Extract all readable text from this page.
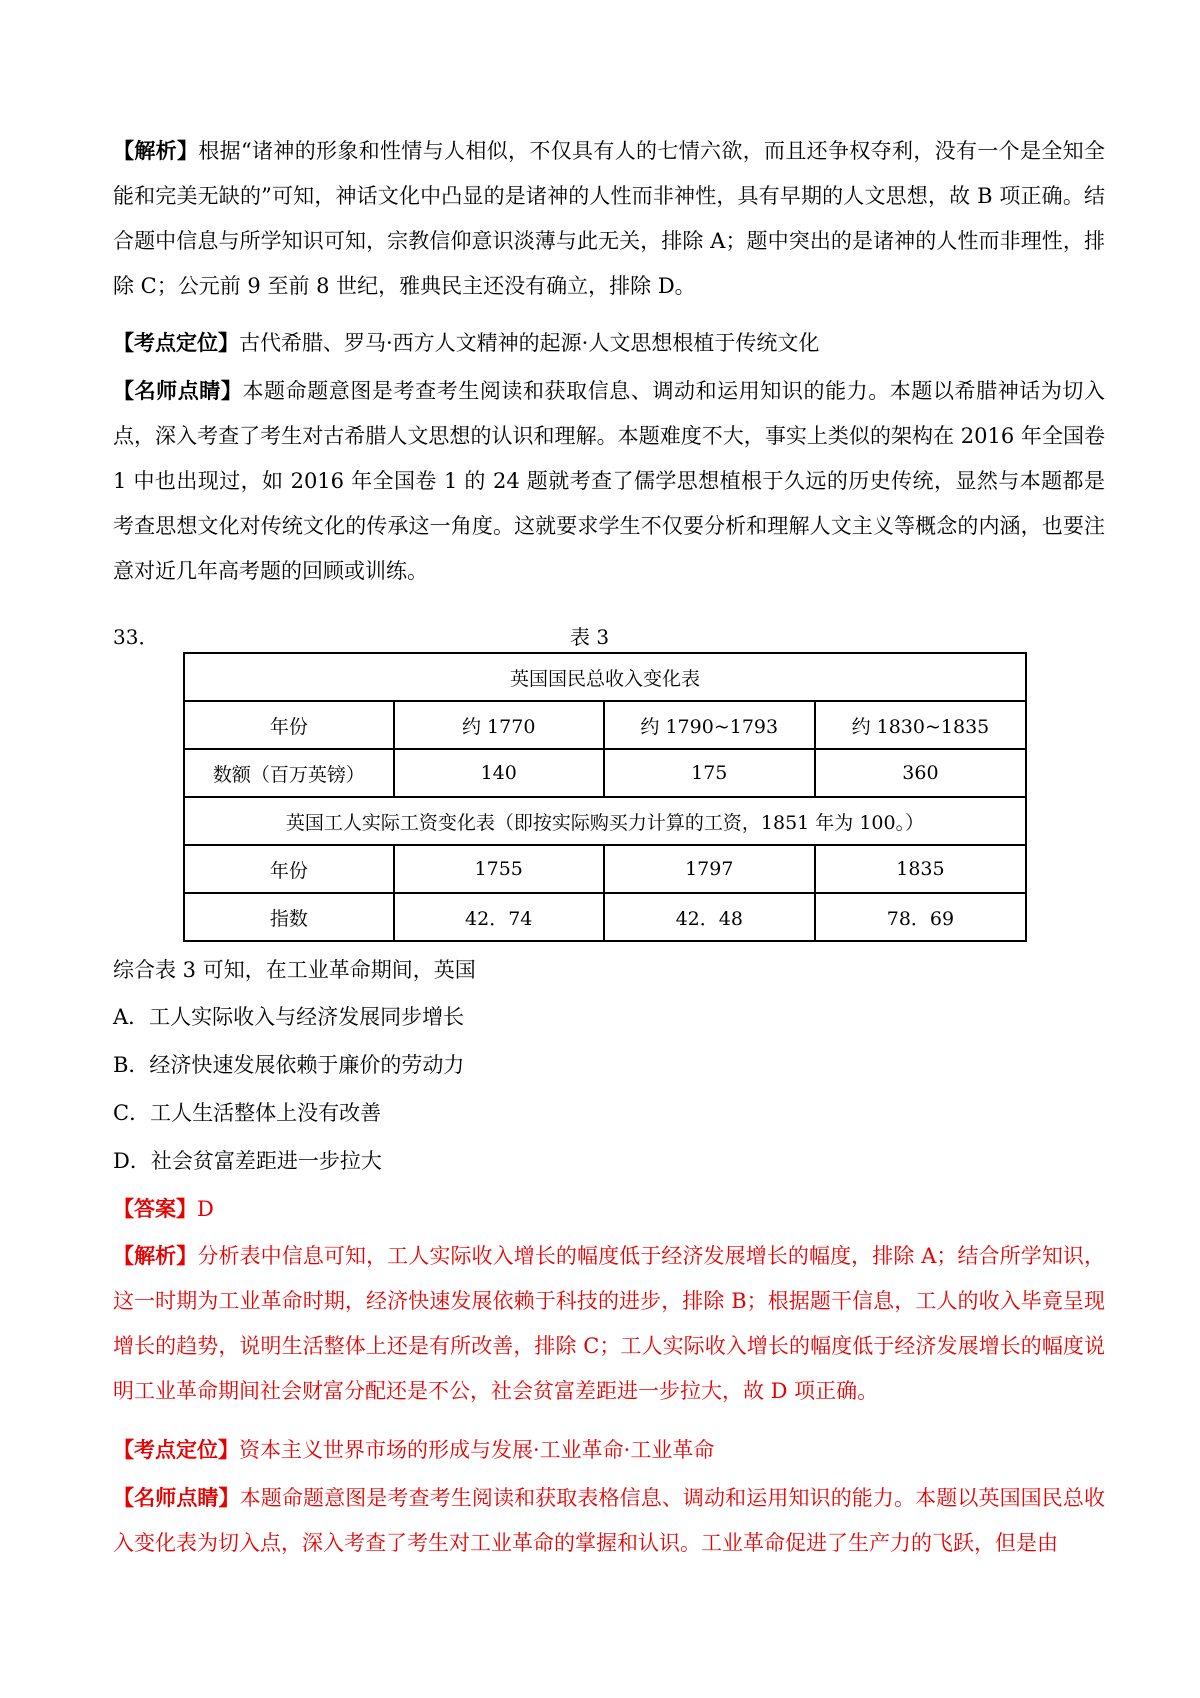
【解析】根据“诸神的形象和性情与人相似，不仅具有人的七情六欲，而且还争权夺利，没有一个是全知全能和完美无缺的”可知，神话文化中凸显的是诸神的人性而非神性，具有早期的人文思想，故 B 项正确。结合题中信息与所学知识可知，宗教信仰意识淡薄与此无关，排除 A；题中突出的是诸神的人性而非理性，排除 C；公元前 9 至前 8 世纪，雅典民主还没有确立，排除 D。

【考点定位】古代希腊、罗马·西方人文精神的起源·人文思想根植于传统文化

【名师点睛】本题命题意图是考查考生阅读和获取信息、调动和运用知识的能力。本题以希腊神话为切入点，深入考查了考生对古希腊人文思想的认识和理解。本题难度不大，事实上类似的架构在 2016 年全国卷 1 中也出现过，如 2016 年全国卷 1 的 24 题就考查了儒学思想植根于久远的历史传统，显然与本题都是考查思想文化对传统文化的传承这一角度。这就要求学生不仅要分析和理解人文主义等概念的内涵，也要注意对近几年高考题的回顾或训练。

33．	表 3
英国国民总收入变化表			
年份	约 1770	约 1790~1793	约 1830~1835
数额（百万英镑）	140	175	360
英国工人实际工资变化表（即按实际购买力计算的工资，1851 年为 100。）			
年份	1755	1797	1835
指数	42．74	42．48	78．69

综合表 3 可知，在工业革命期间，英国

A．工人实际收入与经济发展同步增长

B．经济快速发展依赖于廉价的劳动力

C．工人生活整体上没有改善

D．社会贫富差距进一步拉大

【答案】D

【解析】分析表中信息可知，工人实际收入增长的幅度低于经济发展增长的幅度，排除 A；结合所学知识，这一时期为工业革命时期，经济快速发展依赖于科技的进步，排除 B；根据题干信息，工人的收入毕竟呈现增长的趋势，说明生活整体上还是有所改善，排除 C；工人实际收入增长的幅度低于经济发展增长的幅度说明工业革命期间社会财富分配还是不公，社会贫富差距进一步拉大，故 D 项正确。

【考点定位】资本主义世界市场的形成与发展·工业革命·工业革命

【名师点睛】本题命题意图是考查考生阅读和获取表格信息、调动和运用知识的能力。本题以英国国民总收入变化表为切入点，深入考查了考生对工业革命的掌握和认识。工业革命促进了生产力的飞跃，但是由
